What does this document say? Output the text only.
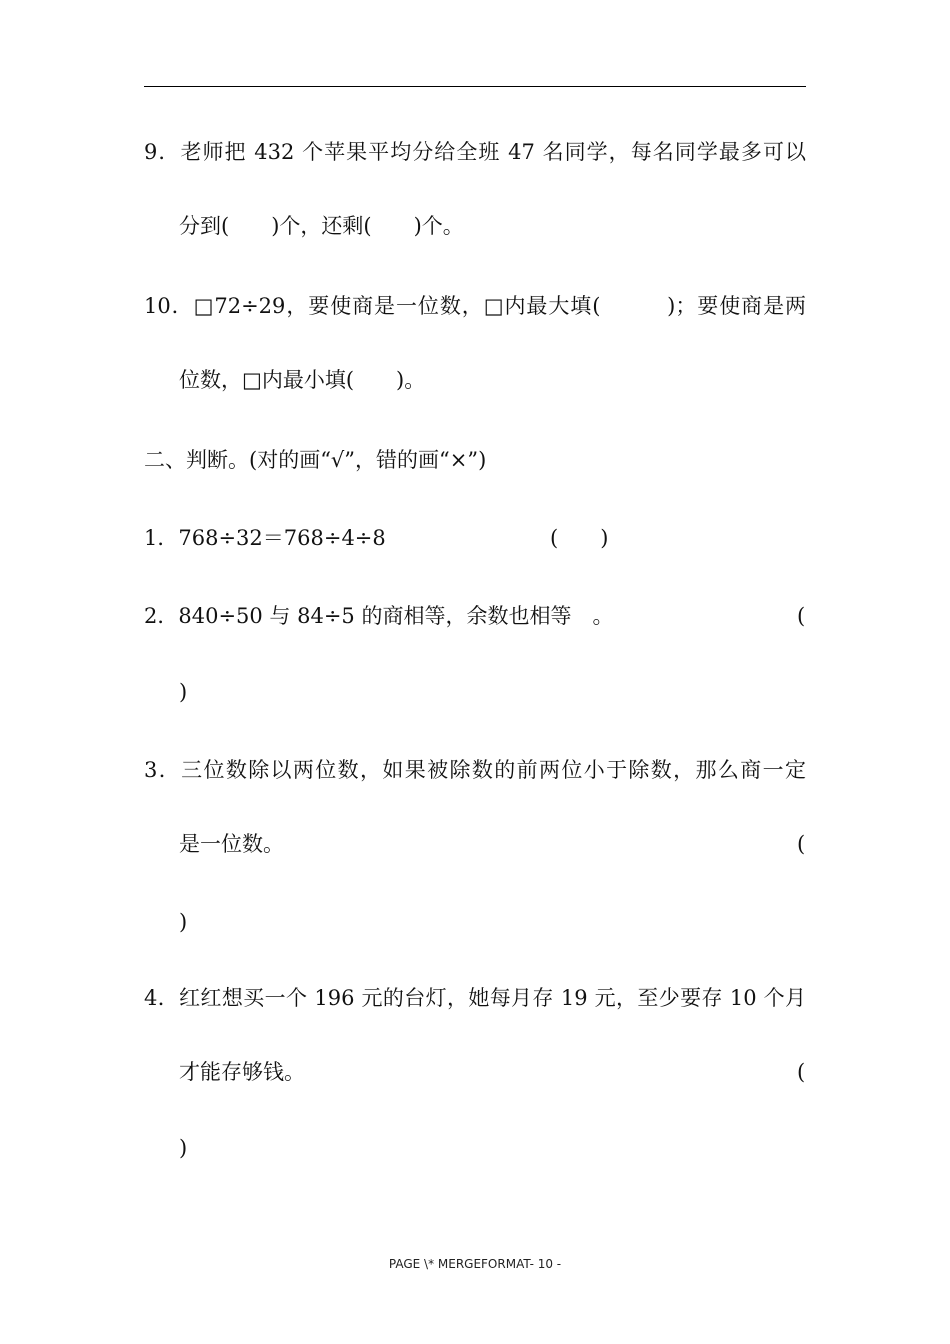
9．老师把 432 个苹果平均分给全班 47 名同学，每名同学最多可以
分到(　　)个，还剩(　　)个。
10．□72÷29，要使商是一位数，□内最大填(　　　)；要使商是两
位数，□内最小填(　　)。
二、判断。(对的画“√”，错的画“×”)
1．768÷32＝768÷4÷8	(　　)
2．840÷50 与 84÷5 的商相等，余数也相等　。	(
)
3．三位数除以两位数，如果被除数的前两位小于除数，那么商一定
是一位数。	(
)
4．红红想买一个 196 元的台灯，她每月存 19 元，至少要存 10 个月
才能存够钱。	(
)
PAGE \* MERGEFORMAT- 10 -
